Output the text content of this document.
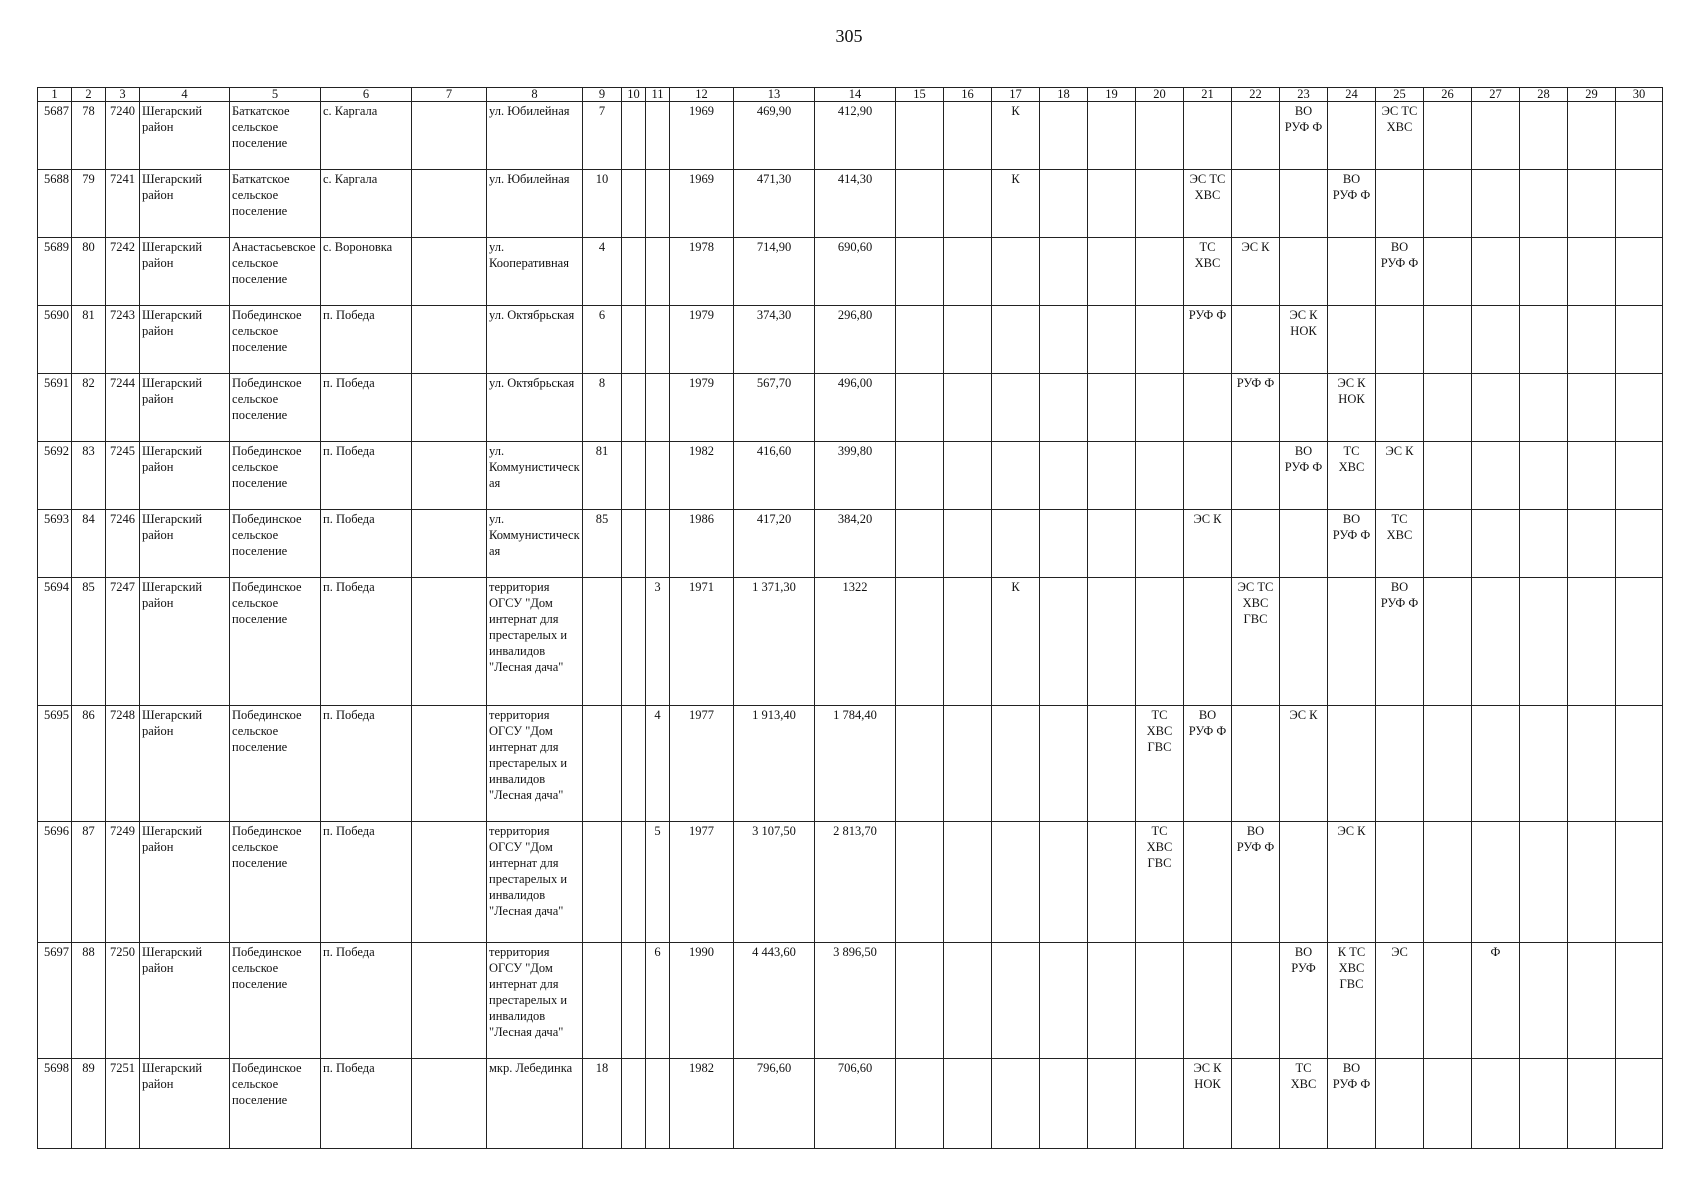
305
1	2	3	4	5	6	7	8	9	10	11	12	13	14	15	16	17	18	19	20	21	22	23	24	25	26	27	28	29	30
5687	78	7240	Шегарский район	Баткатское сельское поселение	с. Каргала		ул. Юбилейная	7			1969	469,90	412,90			К						ВО РУФ Ф		ЭС ТС ХВС					
5688	79	7241	Шегарский район	Баткатское сельское поселение	с. Каргала		ул. Юбилейная	10			1969	471,30	414,30			К				ЭС ТС ХВС			ВО РУФ Ф						
5689	80	7242	Шегарский район	Анастасьевское сельское поселение	с. Вороновка		ул. Кооперативная	4			1978	714,90	690,60							ТС ХВС	ЭС К			ВО РУФ Ф					
5690	81	7243	Шегарский район	Побединское сельское поселение	п. Победа		ул. Октябрьская	6			1979	374,30	296,80							РУФ Ф		ЭС К НОК							
5691	82	7244	Шегарский район	Побединское сельское поселение	п. Победа		ул. Октябрьская	8			1979	567,70	496,00								РУФ Ф		ЭС К НОК						
5692	83	7245	Шегарский район	Побединское сельское поселение	п. Победа		ул. Коммунистическая	81			1982	416,60	399,80									ВО РУФ Ф	ТС ХВС	ЭС К					
5693	84	7246	Шегарский район	Побединское сельское поселение	п. Победа		ул. Коммунистическая	85			1986	417,20	384,20							ЭС К			ВО РУФ Ф	ТС ХВС					
5694	85	7247	Шегарский район	Побединское сельское поселение	п. Победа		территория ОГСУ "Дом интернат для престарелых и инвалидов "Лесная дача"			3	1971	1 371,30	1322			К					ЭС ТС ХВС ГВС			ВО РУФ Ф					
5695	86	7248	Шегарский район	Побединское сельское поселение	п. Победа		территория ОГСУ "Дом интернат для престарелых и инвалидов "Лесная дача"			4	1977	1 913,40	1 784,40						ТС ХВС ГВС	ВО РУФ Ф		ЭС К							
5696	87	7249	Шегарский район	Побединское сельское поселение	п. Победа		территория ОГСУ "Дом интернат для престарелых и инвалидов "Лесная дача"			5	1977	3 107,50	2 813,70						ТС ХВС ГВС		ВО РУФ Ф		ЭС К						
5697	88	7250	Шегарский район	Побединское сельское поселение	п. Победа		территория ОГСУ "Дом интернат для престарелых и инвалидов "Лесная дача"			6	1990	4 443,60	3 896,50									ВО РУФ	К ТС ХВС ГВС	ЭС		Ф			
5698	89	7251	Шегарский район	Побединское сельское поселение	п. Победа		мкр. Лебединка	18			1982	796,60	706,60							ЭС К НОК		ТС ХВС	ВО РУФ Ф						
